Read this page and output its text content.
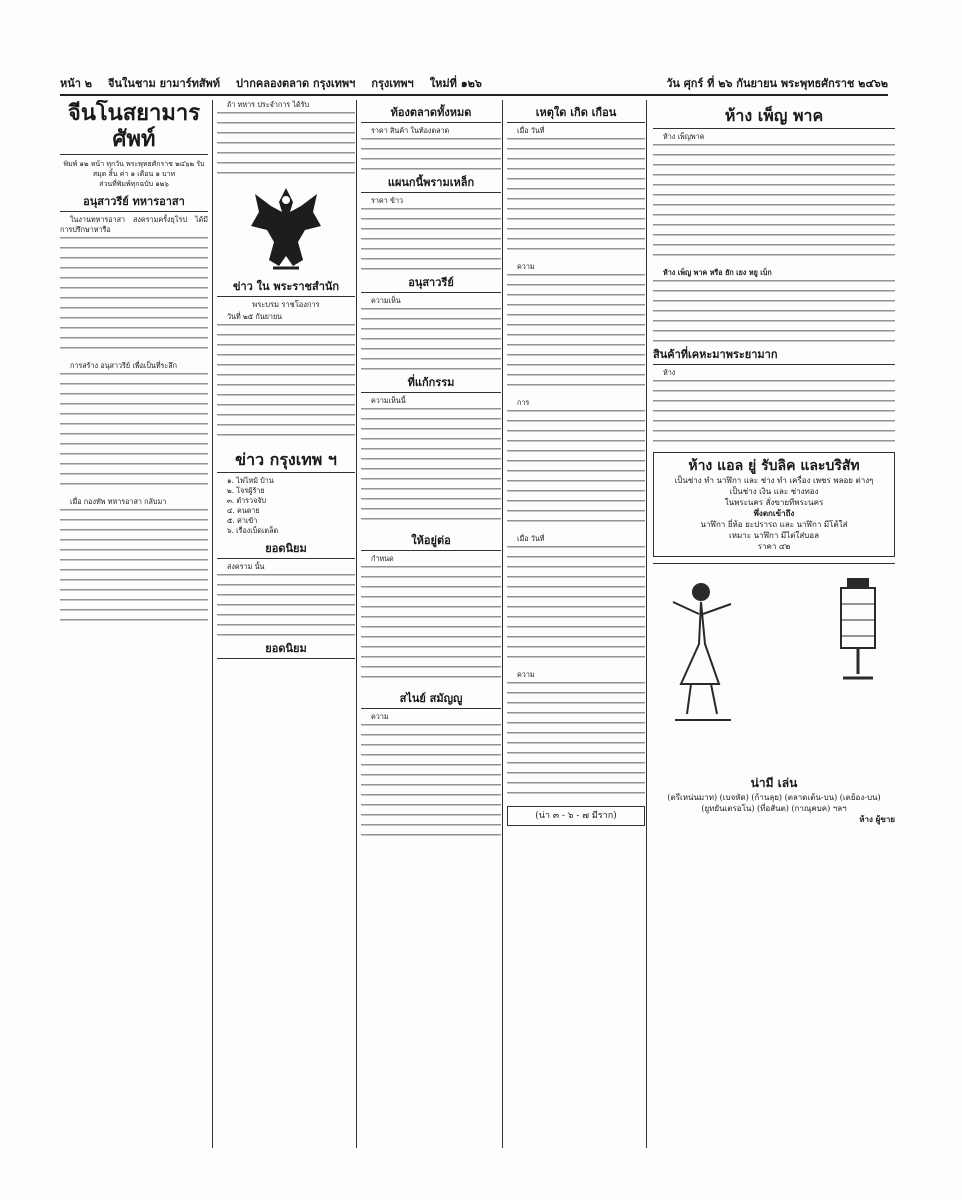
หน้า ๒ จีนในชาม ยามาร์ทสัพท์ ปากคลองตลาด กรุงเทพฯ กรุงเทพฯ ใหม่ที่ ๑๒๖	วัน ศุกร์ ที่ ๒๖ กันยายน พระพุทธศักราช ๒๔๖๒
จีนโนสยามารศัพท์
พิมพ์ ๑๒ หน้า ทุกวัน พระพุทธศักราช ๒๔๖๒ รับสมุด สิ้น ค่า ๑ เดือน ๑ บาท
ส่วนที่พิมพ์ทุกฉบับ ๑๒๖
อนุสาวรีย์ ทหารอาสา

ในงานทหารอาสา สงครามครั้งยุโรป ได้มีการปรึกษาหารือ

การสร้าง อนุสาวรีย์ เพื่อเป็นที่ระลึก

เมื่อ กองทัพ ทหารอาสา กลับมา

ถ้า ทหาร ประจำการ ได้รับ

ข่าว ใน พระราชสำนัก
พระบรม ราชโองการ

วันที่ ๒๕ กันยายน

ข่าว กรุงเทพ ฯ
๑. ไฟไหม้ บ้าน
๒. โจรผู้ร้าย
๓. ตำรวจจับ
๔. คนตาย
๕. ค่าเข้า
๖. เรื่องเบ็ดเตล็ด
ยอดนิยม

สงคราม นั้น

ยอดนิยม
ท้องตลาดทั้งหมด

ราคา สินค้า ในท้องตลาด

แผนกนี้พรามเหล็ก

ราคา ข้าว

อนุสาวรีย์

ความเห็น

ที่แก้กรรม

ความเห็นนี้

ให้อยู่ต่อ

กำหนด

สไนย์ สมัญญู

ความ

เหตุใด เกิด เกือน

เมื่อ วันที่

ความ

การ

เมื่อ วันที่

ความ

(น่า ๓ - ๖ - ๗ มีราก)
ห้าง เพ็ญ พาค

ห้าง เพ็ญพาค

ห้าง เพ็ญ พาค หรือ ยัก เยง หยู เบ็ก

สินค้าที่เคหะมาพระยามาก

ห้าง

ห้าง แอล ยู่ รับลิค และบริสัท
เป็นช่าง ทำ นาฬิกา และ ช่าง ทำ เครื่อง เพชร พลอย ต่างๆ
เป็นช่าง เงิน และ ช่างทอง
ในพระนคร สั่งขายทีพระนคร
พึ่งตกเข้าถึง
นาฬิกา ยี่ห้อ ยะปรารถ และ นาฬิกา มีโต้ใส่
เหมาะ นาฬิกา มีไต่ใส่บอล
ราคา ๔๒
น่ามี เล่น
(ตรีเหน่นมาท) (เบจหัด) (ก้านลุย) (ตลาดเต้น-บน) (เตย้อง-บน)
(ยูทยันเตรอโน) (ที่อสันต) (กาณุคบค) ฯลฯ
ห้าง ผู้ขาย
